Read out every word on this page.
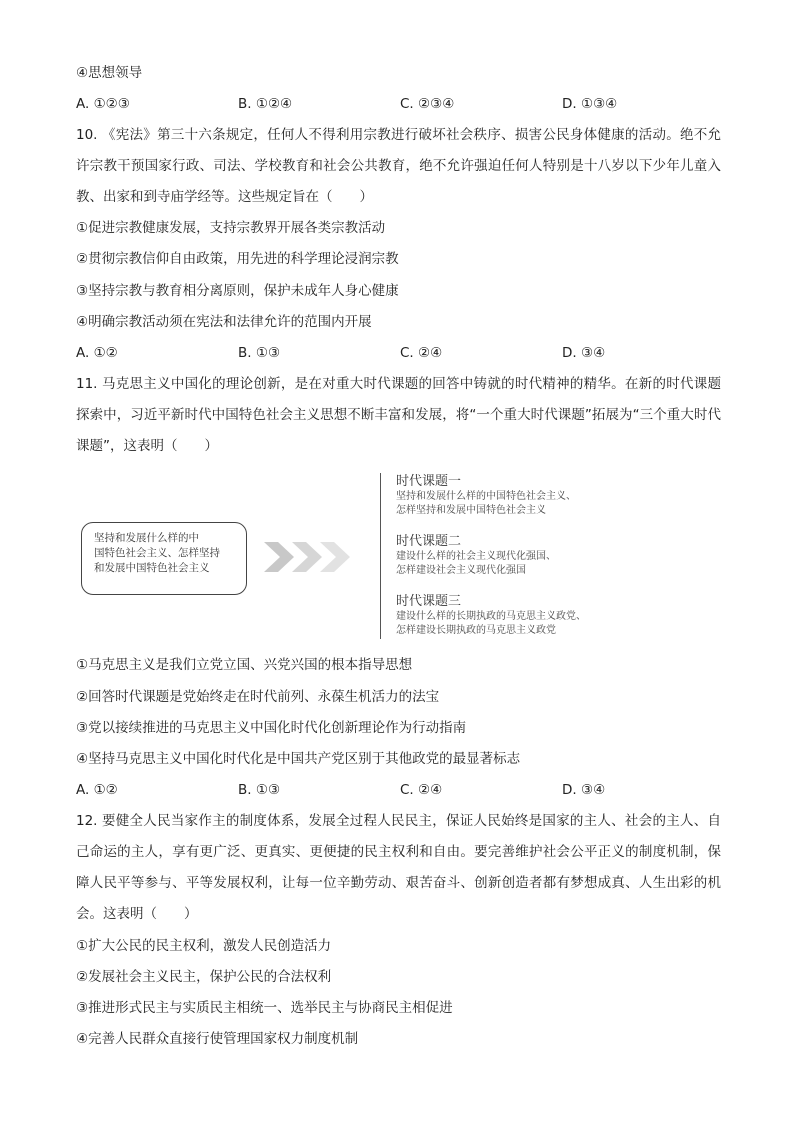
④思想领导
A. ①②③	B. ①②④	C. ②③④	D. ①③④
10. 《宪法》第三十六条规定，任何人不得利用宗教进行破坏社会秩序、损害公民身体健康的活动。绝不允许宗教干预国家行政、司法、学校教育和社会公共教育，绝不允许强迫任何人特别是十八岁以下少年儿童入教、出家和到寺庙学经等。这些规定旨在（　　）
①促进宗教健康发展，支持宗教界开展各类宗教活动
②贯彻宗教信仰自由政策，用先进的科学理论浸润宗教
③坚持宗教与教育相分离原则，保护未成年人身心健康
④明确宗教活动须在宪法和法律允许的范围内开展
A. ①②	B. ①③	C. ②④	D. ③④
11. 马克思主义中国化的理论创新，是在对重大时代课题的回答中铸就的时代精神的精华。在新的时代课题探索中，习近平新时代中国特色社会主义思想不断丰富和发展，将“一个重大时代课题”拓展为“三个重大时代课题”，这表明（　　）
坚持和发展什么样的中
国特色社会主义、怎样坚持
和发展中国特色社会主义
时代课题一
坚持和发展什么样的中国特色社会主义、
怎样坚持和发展中国特色社会主义
时代课题二
建设什么样的社会主义现代化强国、
怎样建设社会主义现代化强国
时代课题三
建设什么样的长期执政的马克思主义政党、
怎样建设长期执政的马克思主义政党
①马克思主义是我们立党立国、兴党兴国的根本指导思想
②回答时代课题是党始终走在时代前列、永葆生机活力的法宝
③党以接续推进的马克思主义中国化时代化创新理论作为行动指南
④坚持马克思主义中国化时代化是中国共产党区别于其他政党的最显著标志
A. ①②	B. ①③	C. ②④	D. ③④
12. 要健全人民当家作主的制度体系，发展全过程人民民主，保证人民始终是国家的主人、社会的主人、自己命运的主人，享有更广泛、更真实、更便捷的民主权利和自由。要完善维护社会公平正义的制度机制，保障人民平等参与、平等发展权利，让每一位辛勤劳动、艰苦奋斗、创新创造者都有梦想成真、人生出彩的机会。这表明（　　）
①扩大公民的民主权利，激发人民创造活力
②发展社会主义民主，保护公民的合法权利
③推进形式民主与实质民主相统一、选举民主与协商民主相促进
④完善人民群众直接行使管理国家权力制度机制
